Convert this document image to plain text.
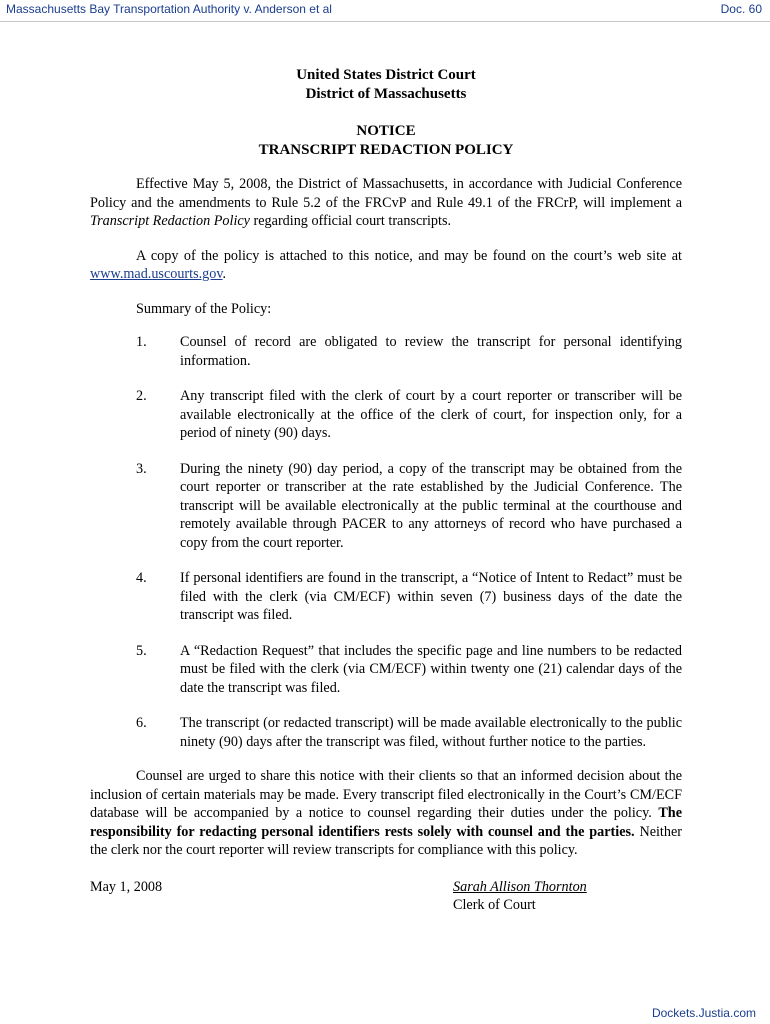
Massachusetts Bay Transportation Authority v. Anderson et al	Doc. 60
United States District Court
District of Massachusetts
NOTICE
TRANSCRIPT REDACTION POLICY

Effective May 5, 2008, the District of Massachusetts, in accordance with Judicial Conference Policy and the amendments to Rule 5.2 of the FRCvP and Rule 49.1 of the FRCrP, will implement a Transcript Redaction Policy regarding official court transcripts.

A copy of the policy is attached to this notice, and may be found on the court’s web site at www.mad.uscourts.gov.

Summary of the Policy:

1. Counsel of record are obligated to review the transcript for personal identifying information.
2. Any transcript filed with the clerk of court by a court reporter or transcriber will be available electronically at the office of the clerk of court, for inspection only, for a period of ninety (90) days.
3. During the ninety (90) day period, a copy of the transcript may be obtained from the court reporter or transcriber at the rate established by the Judicial Conference. The transcript will be available electronically at the public terminal at the courthouse and remotely available through PACER to any attorneys of record who have purchased a copy from the court reporter.
4. If personal identifiers are found in the transcript, a “Notice of Intent to Redact” must be filed with the clerk (via CM/ECF) within seven (7) business days of the date the transcript was filed.
5. A “Redaction Request” that includes the specific page and line numbers to be redacted must be filed with the clerk (via CM/ECF) within twenty one (21) calendar days of the date the transcript was filed.
6. The transcript (or redacted transcript) will be made available electronically to the public ninety (90) days after the transcript was filed, without further notice to the parties.

Counsel are urged to share this notice with their clients so that an informed decision about the inclusion of certain materials may be made. Every transcript filed electronically in the Court’s CM/ECF database will be accompanied by a notice to counsel regarding their duties under the policy. The responsibility for redacting personal identifiers rests solely with counsel and the parties. Neither the clerk nor the court reporter will review transcripts for compliance with this policy.

May 1, 2008	Sarah Allison Thornton
Clerk of Court
Dockets.Justia.com
